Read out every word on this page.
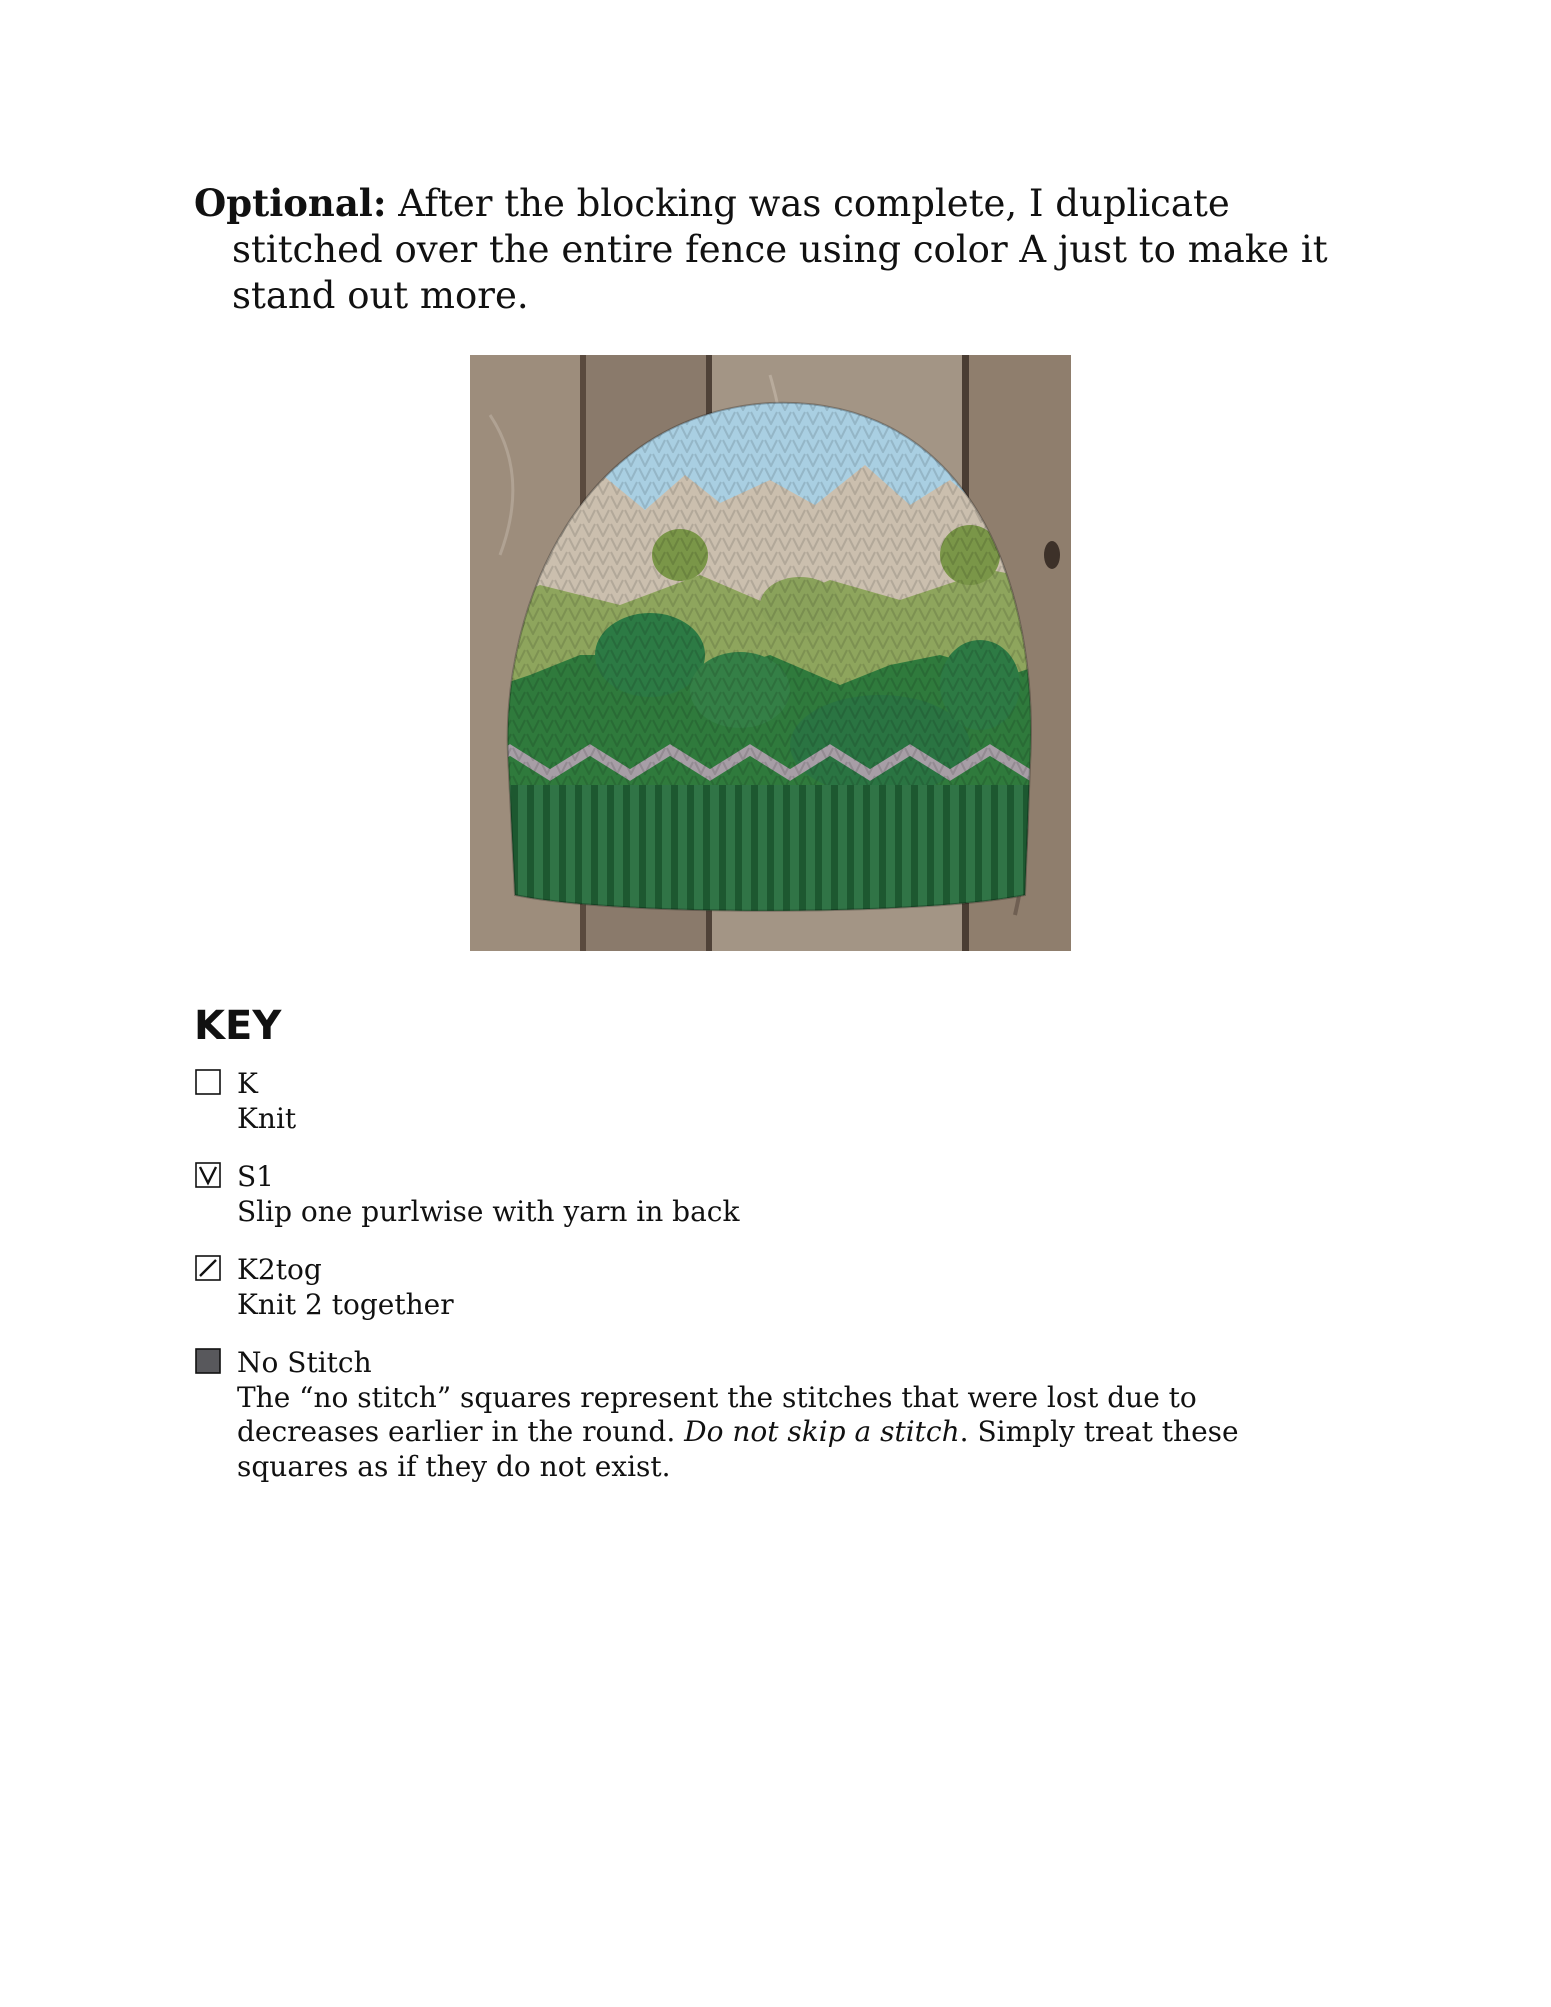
Optional: After the blocking was complete, I duplicate stitched over the entire fence using color A just to make it stand out more.

KEY
K
Knit
S1
Slip one purlwise with yarn in back
K2tog
Knit 2 together
No Stitch
The “no stitch” squares represent the stitches that were lost due to decreases earlier in the round. Do not skip a stitch. Simply treat these squares as if they do not exist.
